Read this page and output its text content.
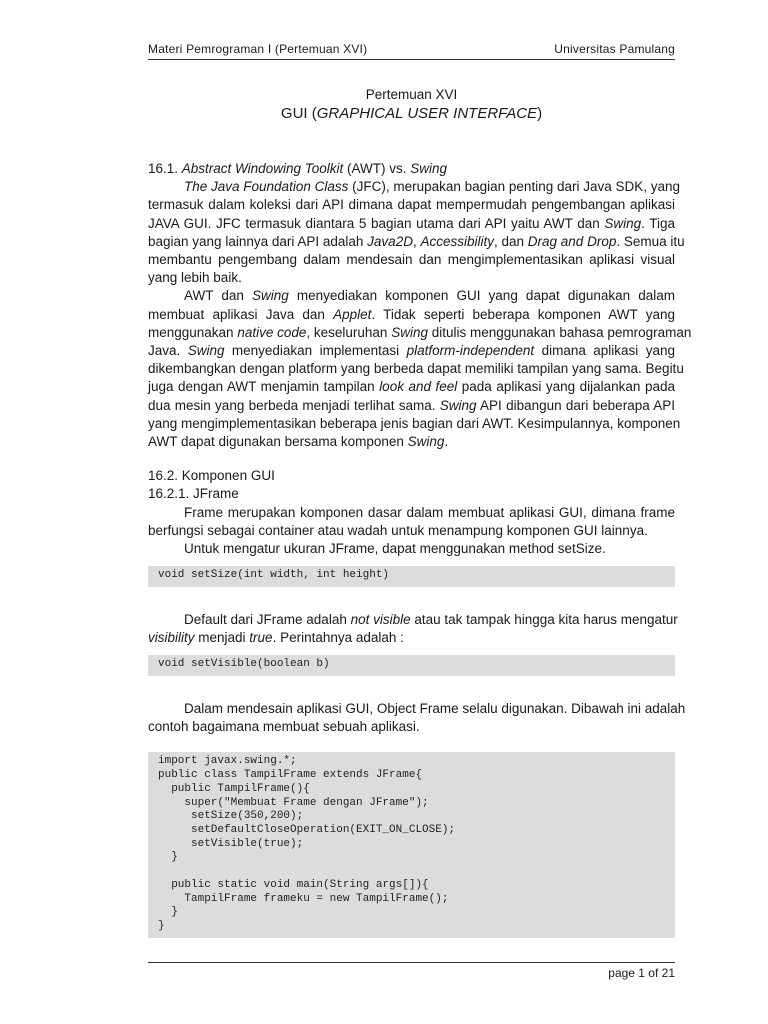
Materi Pemrograman I (Pertemuan XVI)	Universitas Pamulang
Pertemuan XVI
GUI (GRAPHICAL USER INTERFACE)
16.1. Abstract Windowing Toolkit (AWT) vs. Swing
The Java Foundation Class (JFC), merupakan bagian penting dari Java SDK, yang
termasuk dalam koleksi dari API dimana dapat mempermudah pengembangan aplikasi
JAVA GUI. JFC termasuk diantara 5 bagian utama dari API yaitu AWT dan Swing. Tiga
bagian yang lainnya dari API adalah Java2D, Accessibility, dan Drag and Drop. Semua itu
membantu pengembang dalam mendesain dan mengimplementasikan aplikasi visual
yang lebih baik.
AWT dan Swing menyediakan komponen GUI yang dapat digunakan dalam
membuat aplikasi Java dan Applet. Tidak seperti beberapa komponen AWT yang
menggunakan native code, keseluruhan Swing ditulis menggunakan bahasa pemrograman
Java. Swing menyediakan implementasi platform-independent dimana aplikasi yang
dikembangkan dengan platform yang berbeda dapat memiliki tampilan yang sama. Begitu
juga dengan AWT menjamin tampilan look and feel pada aplikasi yang dijalankan pada
dua mesin yang berbeda menjadi terlihat sama. Swing API dibangun dari beberapa API
yang mengimplementasikan beberapa jenis bagian dari AWT. Kesimpulannya, komponen
AWT dapat digunakan bersama komponen Swing.
16.2. Komponen GUI
16.2.1. JFrame
Frame merupakan komponen dasar dalam membuat aplikasi GUI, dimana frame
berfungsi sebagai container atau wadah untuk menampung komponen GUI lainnya.
Untuk mengatur ukuran JFrame, dapat menggunakan method setSize.
void setSize(int width, int height)
Default dari JFrame adalah not visible atau tak tampak hingga kita harus mengatur
visibility menjadi true. Perintahnya adalah :
void setVisible(boolean b)
Dalam mendesain aplikasi GUI, Object Frame selalu digunakan. Dibawah ini adalah
contoh bagaimana membuat sebuah aplikasi.
import javax.swing.*;
public class TampilFrame extends JFrame{
public TampilFrame(){
super("Membuat Frame dengan JFrame");
setSize(350,200);
setDefaultCloseOperation(EXIT_ON_CLOSE);
setVisible(true);
}

public static void main(String args[]){
TampilFrame frameku = new TampilFrame();
}
}
page 1 of 21
